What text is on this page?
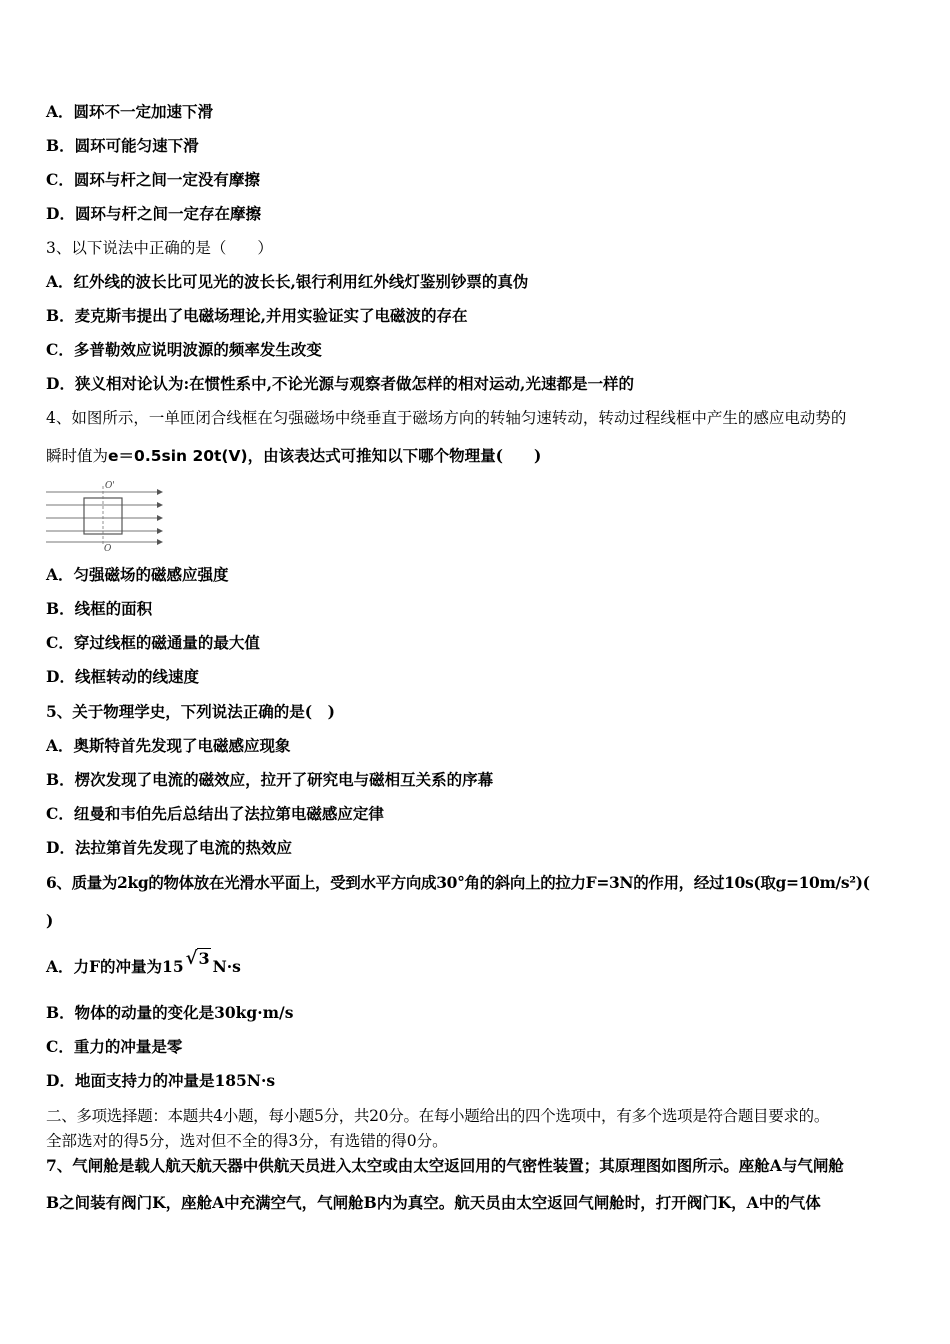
A．圆环不一定加速下滑
B．圆环可能匀速下滑
C．圆环与杆之间一定没有摩擦
D．圆环与杆之间一定存在摩擦
3、以下说法中正确的是（　　）
A．红外线的波长比可见光的波长长,银行利用红外线灯鉴别钞票的真伪
B．麦克斯韦提出了电磁场理论,并用实验证实了电磁波的存在
C．多普勒效应说明波源的频率发生改变
D．狭义相对论认为:在惯性系中,不论光源与观察者做怎样的相对运动,光速都是一样的
4、如图所示，一单匝闭合线框在匀强磁场中绕垂直于磁场方向的转轴匀速转动，转动过程线框中产生的感应电动势的
瞬时值为e＝0.5sin 20t(V)，由该表达式可推知以下哪个物理量(　　)
O'
O
A．匀强磁场的磁感应强度
B．线框的面积
C．穿过线框的磁通量的最大值
D．线框转动的线速度
5、关于物理学史，下列说法正确的是(　)
A．奥斯特首先发现了电磁感应现象
B．楞次发现了电流的磁效应，拉开了研究电与磁相互关系的序幕
C．纽曼和韦伯先后总结出了法拉第电磁感应定律
D．法拉第首先发现了电流的热效应
6、质量为2kg的物体放在光滑水平面上，受到水平方向成30°角的斜向上的拉力F=3N的作用，经过10s(取g=10m/s²)(
)
A．力F的冲量为15 √3 N·s
B．物体的动量的变化是30kg·m/s
C．重力的冲量是零
D．地面支持力的冲量是185N·s
二、多项选择题：本题共4小题，每小题5分，共20分。在每小题给出的四个选项中，有多个选项是符合题目要求的。
全部选对的得5分，选对但不全的得3分，有选错的得0分。
7、气闸舱是载人航天航天器中供航天员进入太空或由太空返回用的气密性装置；其原理图如图所示。座舱A与气闸舱
B之间装有阀门K，座舱A中充满空气，气闸舱B内为真空。航天员由太空返回气闸舱时，打开阀门K，A中的气体
